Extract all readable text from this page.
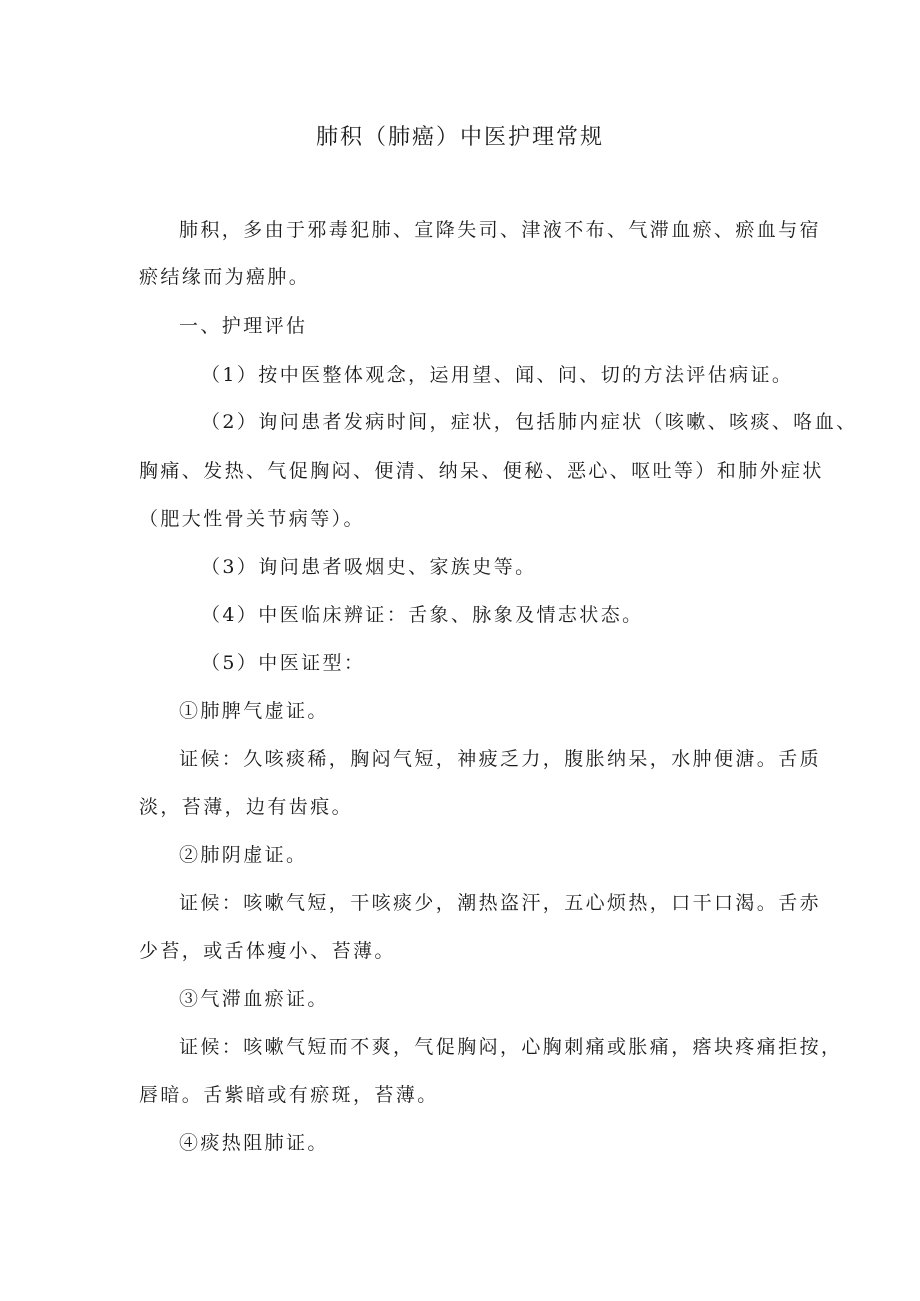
肺积（肺癌）中医护理常规
肺积，多由于邪毒犯肺、宣降失司、津液不布、气滞血瘀、瘀血与宿
瘀结缘而为癌肿。
一、护理评估
（1）按中医整体观念，运用望、闻、问、切的方法评估病证。
（2）询问患者发病时间，症状，包括肺内症状（咳嗽、咳痰、咯血、
胸痛、发热、气促胸闷、便清、纳呆、便秘、恶心、呕吐等）和肺外症状
（肥大性骨关节病等）。
（3）询问患者吸烟史、家族史等。
（4）中医临床辨证：舌象、脉象及情志状态。
（5）中医证型：
①肺脾气虚证。
证候：久咳痰稀，胸闷气短，神疲乏力，腹胀纳呆，水肿便溏。舌质
淡，苔薄，边有齿痕。
②肺阴虚证。
证候：咳嗽气短，干咳痰少，潮热盗汗，五心烦热，口干口渴。舌赤
少苔，或舌体瘦小、苔薄。
③气滞血瘀证。
证候：咳嗽气短而不爽，气促胸闷，心胸刺痛或胀痛，瘩块疼痛拒按，
唇暗。舌紫暗或有瘀斑，苔薄。
④痰热阻肺证。
